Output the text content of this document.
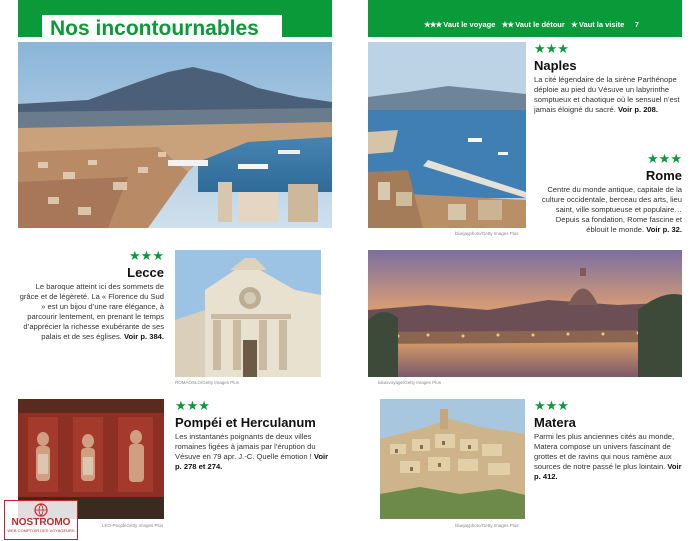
Nos incontournables	★★★ Vaut le voyage ★★ Vaut le détour ★ Vaut la visite 7
bluejayphoto/Getty Images Plus
★★★
Naples
La cité légendaire de la sirène Parthénope déploie au pied du Vésuve un labyrinthe somptueux et chaotique où le sensuel n’est jamais éloigné du sacré. Voir p. 208.
★★★
Rome
Centre du monde antique, capitale de la culture occidentale, berceau des arts, lieu saint, ville somptueuse et populaire… Depuis sa fondation, Rome fascine et éblouit le monde. Voir p. 32.
★★★
Lecce
Le baroque atteint ici des sommets de grâce et de légèreté. La « Florence du Sud » est un bijou d’une rare élégance, à parcourir lentement, en prenant le temps d’apprécier la richesse exubérante de ses palais et de ses églises. Voir p. 384.
ROMAOSLO/Getty Images Plus	lukasvoyage/Getty Images Plus
LEO-PeopleGetty Images Plus
★★★
Pompéi et Herculanum
Les instantanés poignants de deux villes romaines figées à jamais par l’éruption du Vésuve en 79 apr. J.-C. Quelle émotion ! Voir p. 278 et 274.
bluejayphoto/Getty Images Plus
★★★
Matera
Parmi les plus anciennes cités au monde, Matera compose un univers fascinant de grottes et de ravins qui nous ramène aux sources de notre passé le plus lointain. Voir p. 412.
NOSTROMO
WEB COMPTOIR DES VOYAGEURS
